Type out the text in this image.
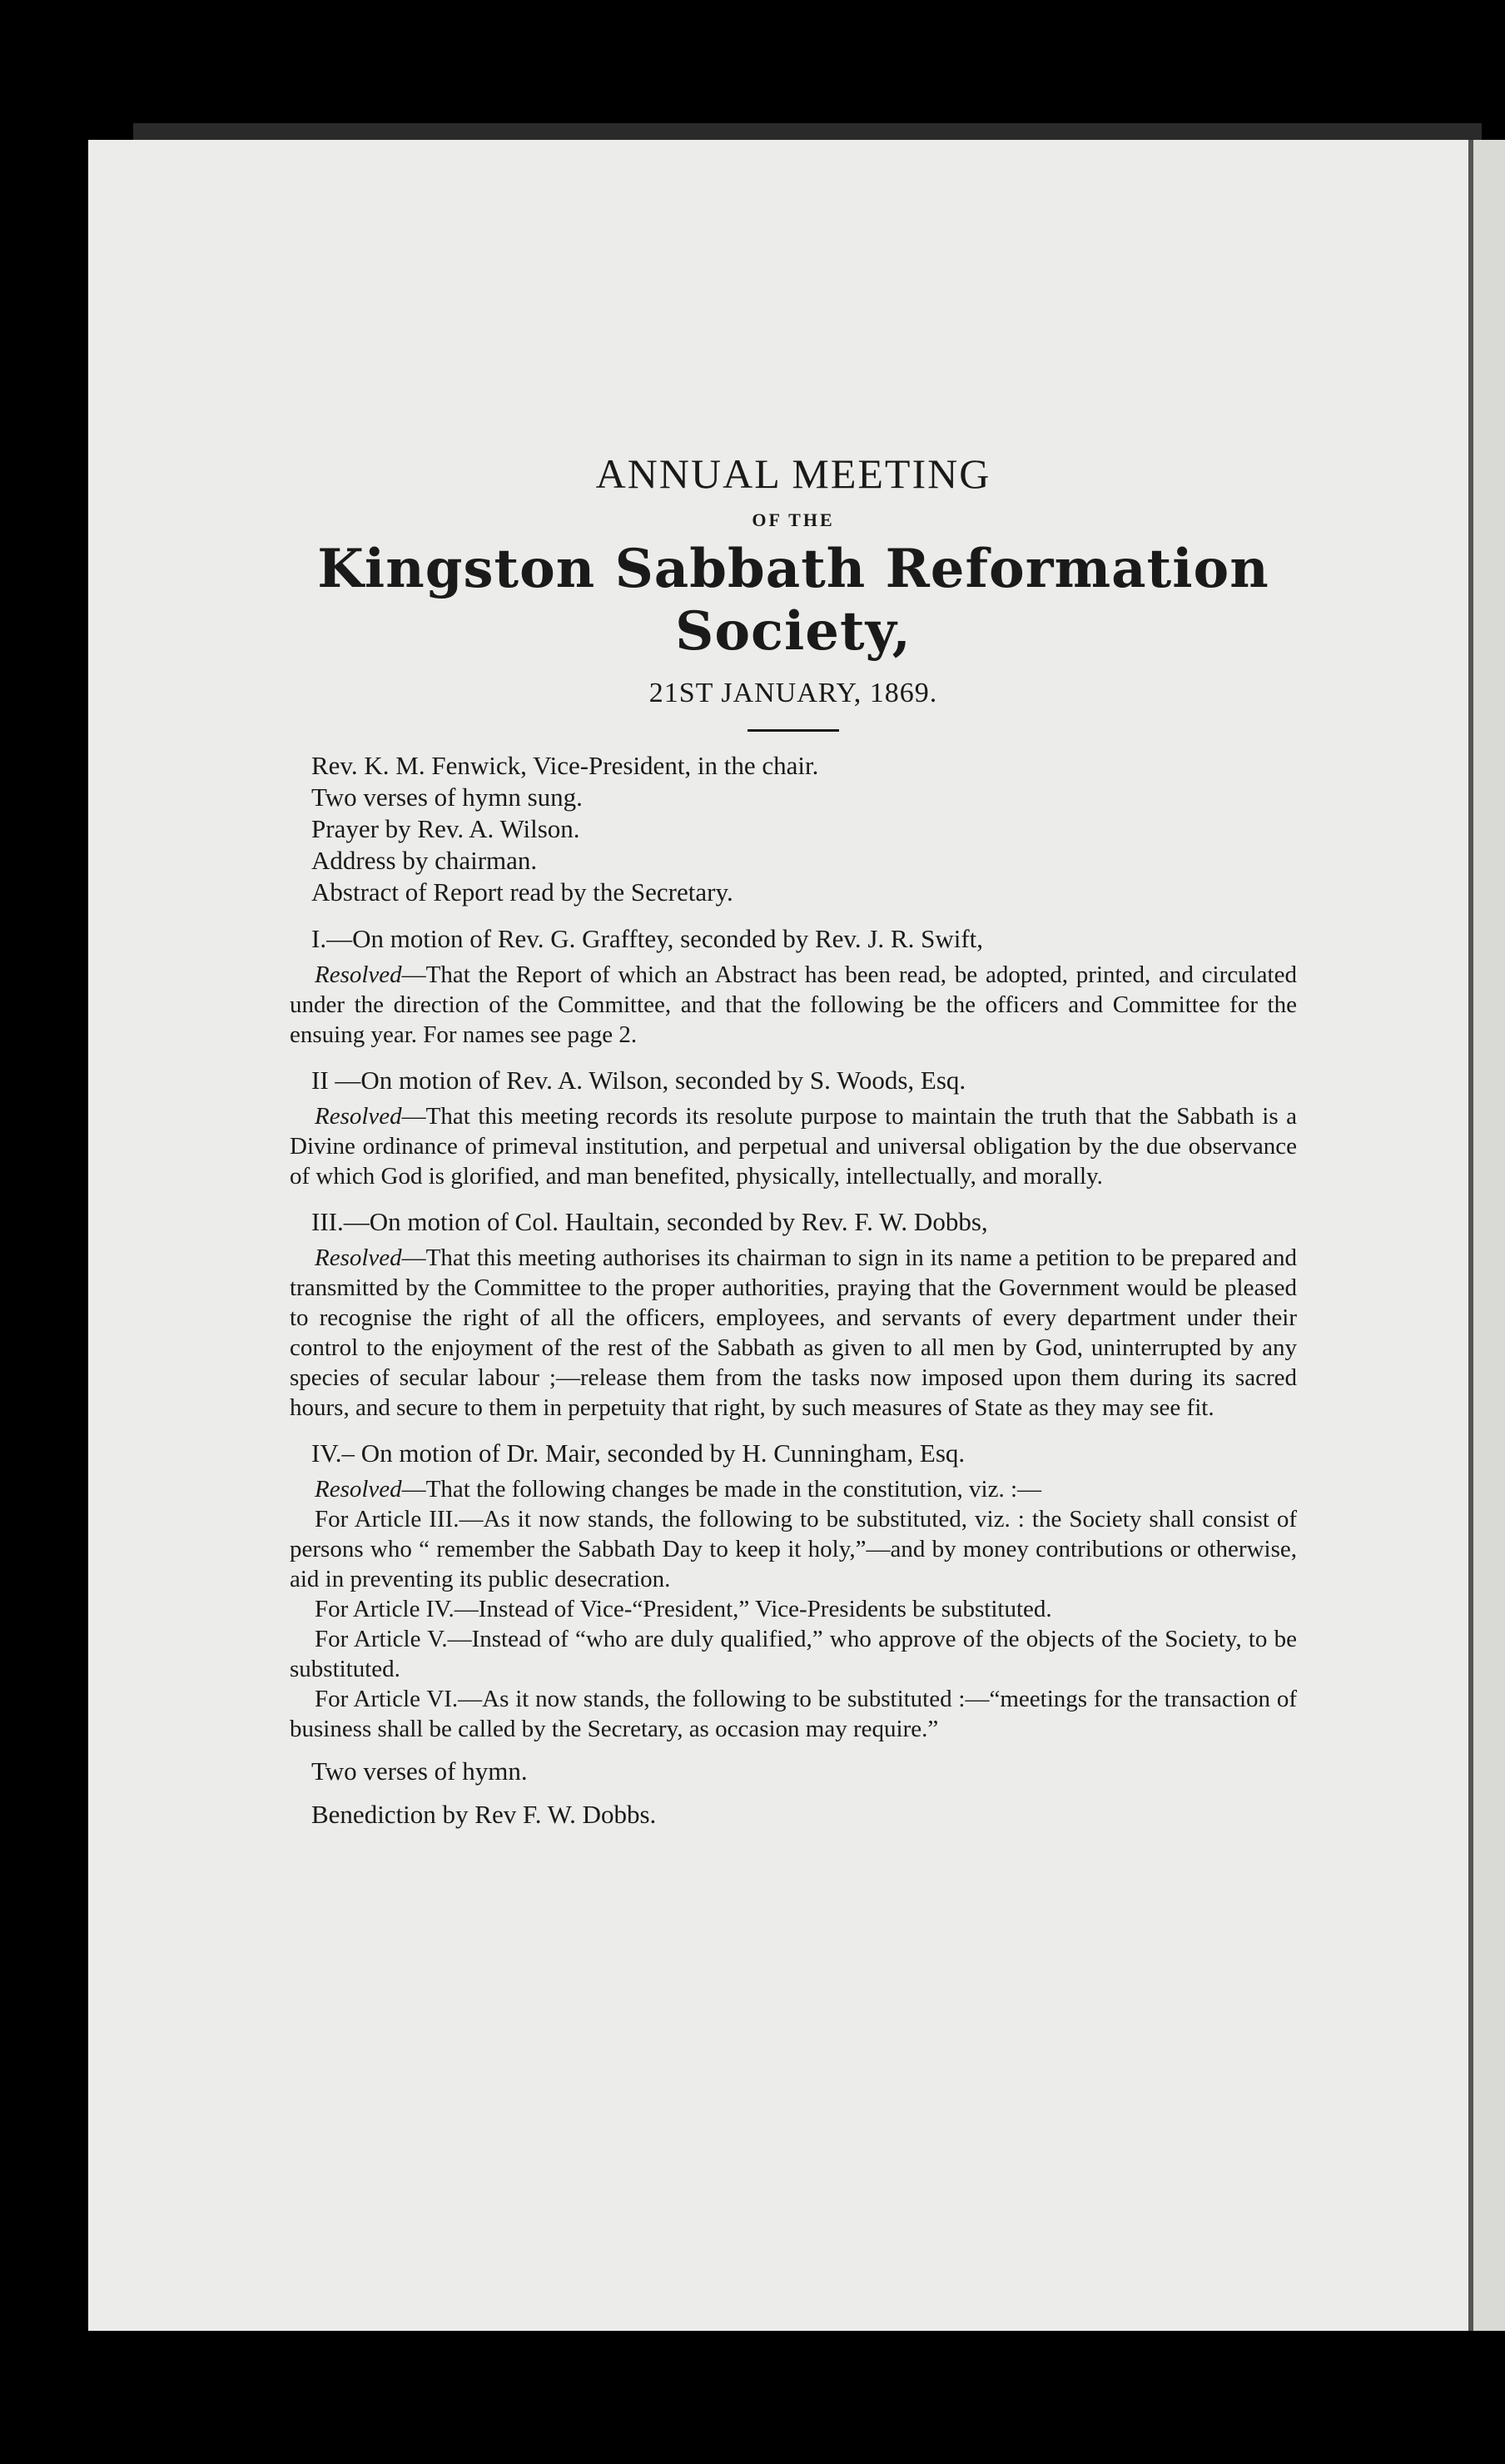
ANNUAL MEETING
OF THE
Kingston Sabbath Reformation Society,
21ST JANUARY, 1869.

Rev. K. M. Fenwick, Vice-President, in the chair.

Two verses of hymn sung.

Prayer by Rev. A. Wilson.

Address by chairman.

Abstract of Report read by the Secretary.

I.—On motion of Rev. G. Grafftey, seconded by Rev. J. R. Swift,

Resolved—That the Report of which an Abstract has been read, be adopted, printed, and circulated under the direction of the Committee, and that the following be the officers and Committee for the ensuing year. For names see page 2.

II —On motion of Rev. A. Wilson, seconded by S. Woods, Esq.

Resolved—That this meeting records its resolute purpose to maintain the truth that the Sabbath is a Divine ordinance of primeval institution, and perpetual and universal obligation by the due observance of which God is glorified, and man benefited, physically, intellectually, and morally.

III.—On motion of Col. Haultain, seconded by Rev. F. W. Dobbs,

Resolved—That this meeting authorises its chairman to sign in its name a petition to be prepared and transmitted by the Committee to the proper authorities, praying that the Government would be pleased to recognise the right of all the officers, employees, and servants of every department under their control to the enjoyment of the rest of the Sabbath as given to all men by God, uninterrupted by any species of secular labour ;—release them from the tasks now imposed upon them during its sacred hours, and secure to them in perpetuity that right, by such measures of State as they may see fit.

IV.– On motion of Dr. Mair, seconded by H. Cunningham, Esq.

Resolved—That the following changes be made in the constitution, viz. :—

For Article III.—As it now stands, the following to be substituted, viz. : the Society shall consist of persons who “ remember the Sabbath Day to keep it holy,”—and by money contributions or otherwise, aid in preventing its public desecration.

For Article IV.—Instead of Vice-“President,” Vice-Presidents be substituted.

For Article V.—Instead of “who are duly qualified,” who approve of the objects of the Society, to be substituted.

For Article VI.—As it now stands, the following to be substituted :—“meetings for the transaction of business shall be called by the Secretary, as occasion may require.”

Two verses of hymn.

Benediction by Rev F. W. Dobbs.
